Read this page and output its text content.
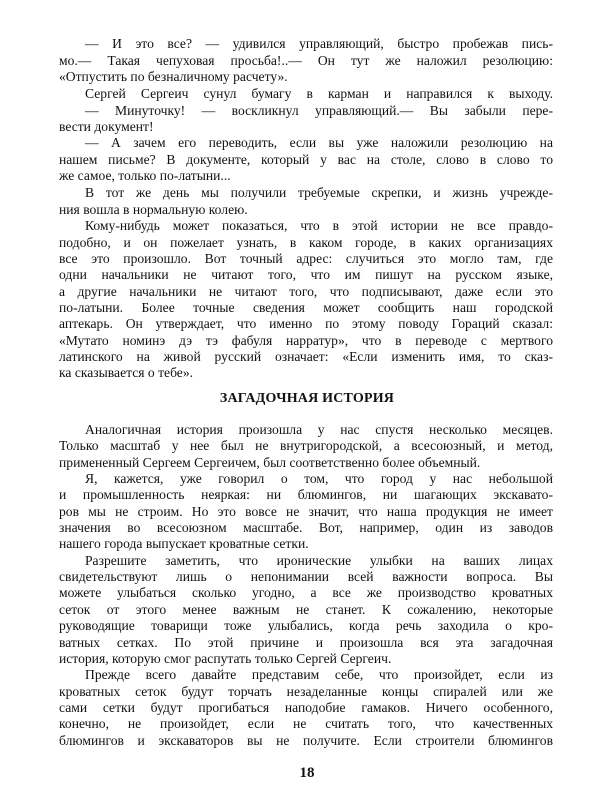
— И это все? — удивился управляющий, быстро пробежав пись-

мо.— Такая чепуховая просьба!..— Он тут же наложил резолюцию:

«Отпустить по безналичному расчету».

Сергей Сергеич сунул бумагу в карман и направился к выходу.

— Минуточку! — воскликнул управляющий.— Вы забыли пере-

вести документ!

— А зачем его переводить, если вы уже наложили резолюцию на

нашем письме? В документе, который у вас на столе, слово в слово то

же самое, только по-латыни...

В тот же день мы получили требуемые скрепки, и жизнь учрежде-

ния вошла в нормальную колею.

Кому-нибудь может показаться, что в этой истории не все правдо-

подобно, и он пожелает узнать, в каком городе, в каких организациях

все это произошло. Вот точный адрес: случиться это могло там, где

одни начальники не читают того, что им пишут на русском языке,

а другие начальники не читают того, что подписывают, даже если это

по-латыни. Более точные сведения может сообщить наш городской

аптекарь. Он утверждает, что именно по этому поводу Гораций сказал:

«Мутато номинэ дэ тэ фабуля нарратур», что в переводе с мертвого

латинского на живой русский означает: «Если изменить имя, то сказ-

ка сказывается о тебе».

ЗАГАДОЧНАЯ ИСТОРИЯ

Аналогичная история произошла у нас спустя несколько месяцев.

Только масштаб у нее был не внутригородской, а всесоюзный, и метод,

примененный Сергеем Сергеичем, был соответственно более объемный.

Я, кажется, уже говорил о том, что город у нас небольшой

и промышленность неяркая: ни блюмингов, ни шагающих экскавато-

ров мы не строим. Но это вовсе не значит, что наша продукция не имеет

значения во всесоюзном масштабе. Вот, например, один из заводов

нашего города выпускает кроватные сетки.

Разрешите заметить, что иронические улыбки на ваших лицах

свидетельствуют лишь о непонимании всей важности вопроса. Вы

можете улыбаться сколько угодно, а все же производство кроватных

сеток от этого менее важным не станет. К сожалению, некоторые

руководящие товарищи тоже улыбались, когда речь заходила о кро-

ватных сетках. По этой причине и произошла вся эта загадочная

история, которую смог распутать только Сергей Сергеич.

Прежде всего давайте представим себе, что произойдет, если из

кроватных сеток будут торчать незаделанные концы спиралей или же

сами сетки будут прогибаться наподобие гамаков. Ничего особенного,

конечно, не произойдет, если не считать того, что качественных

блюмингов и экскаваторов вы не получите. Если строители блюмингов

18
